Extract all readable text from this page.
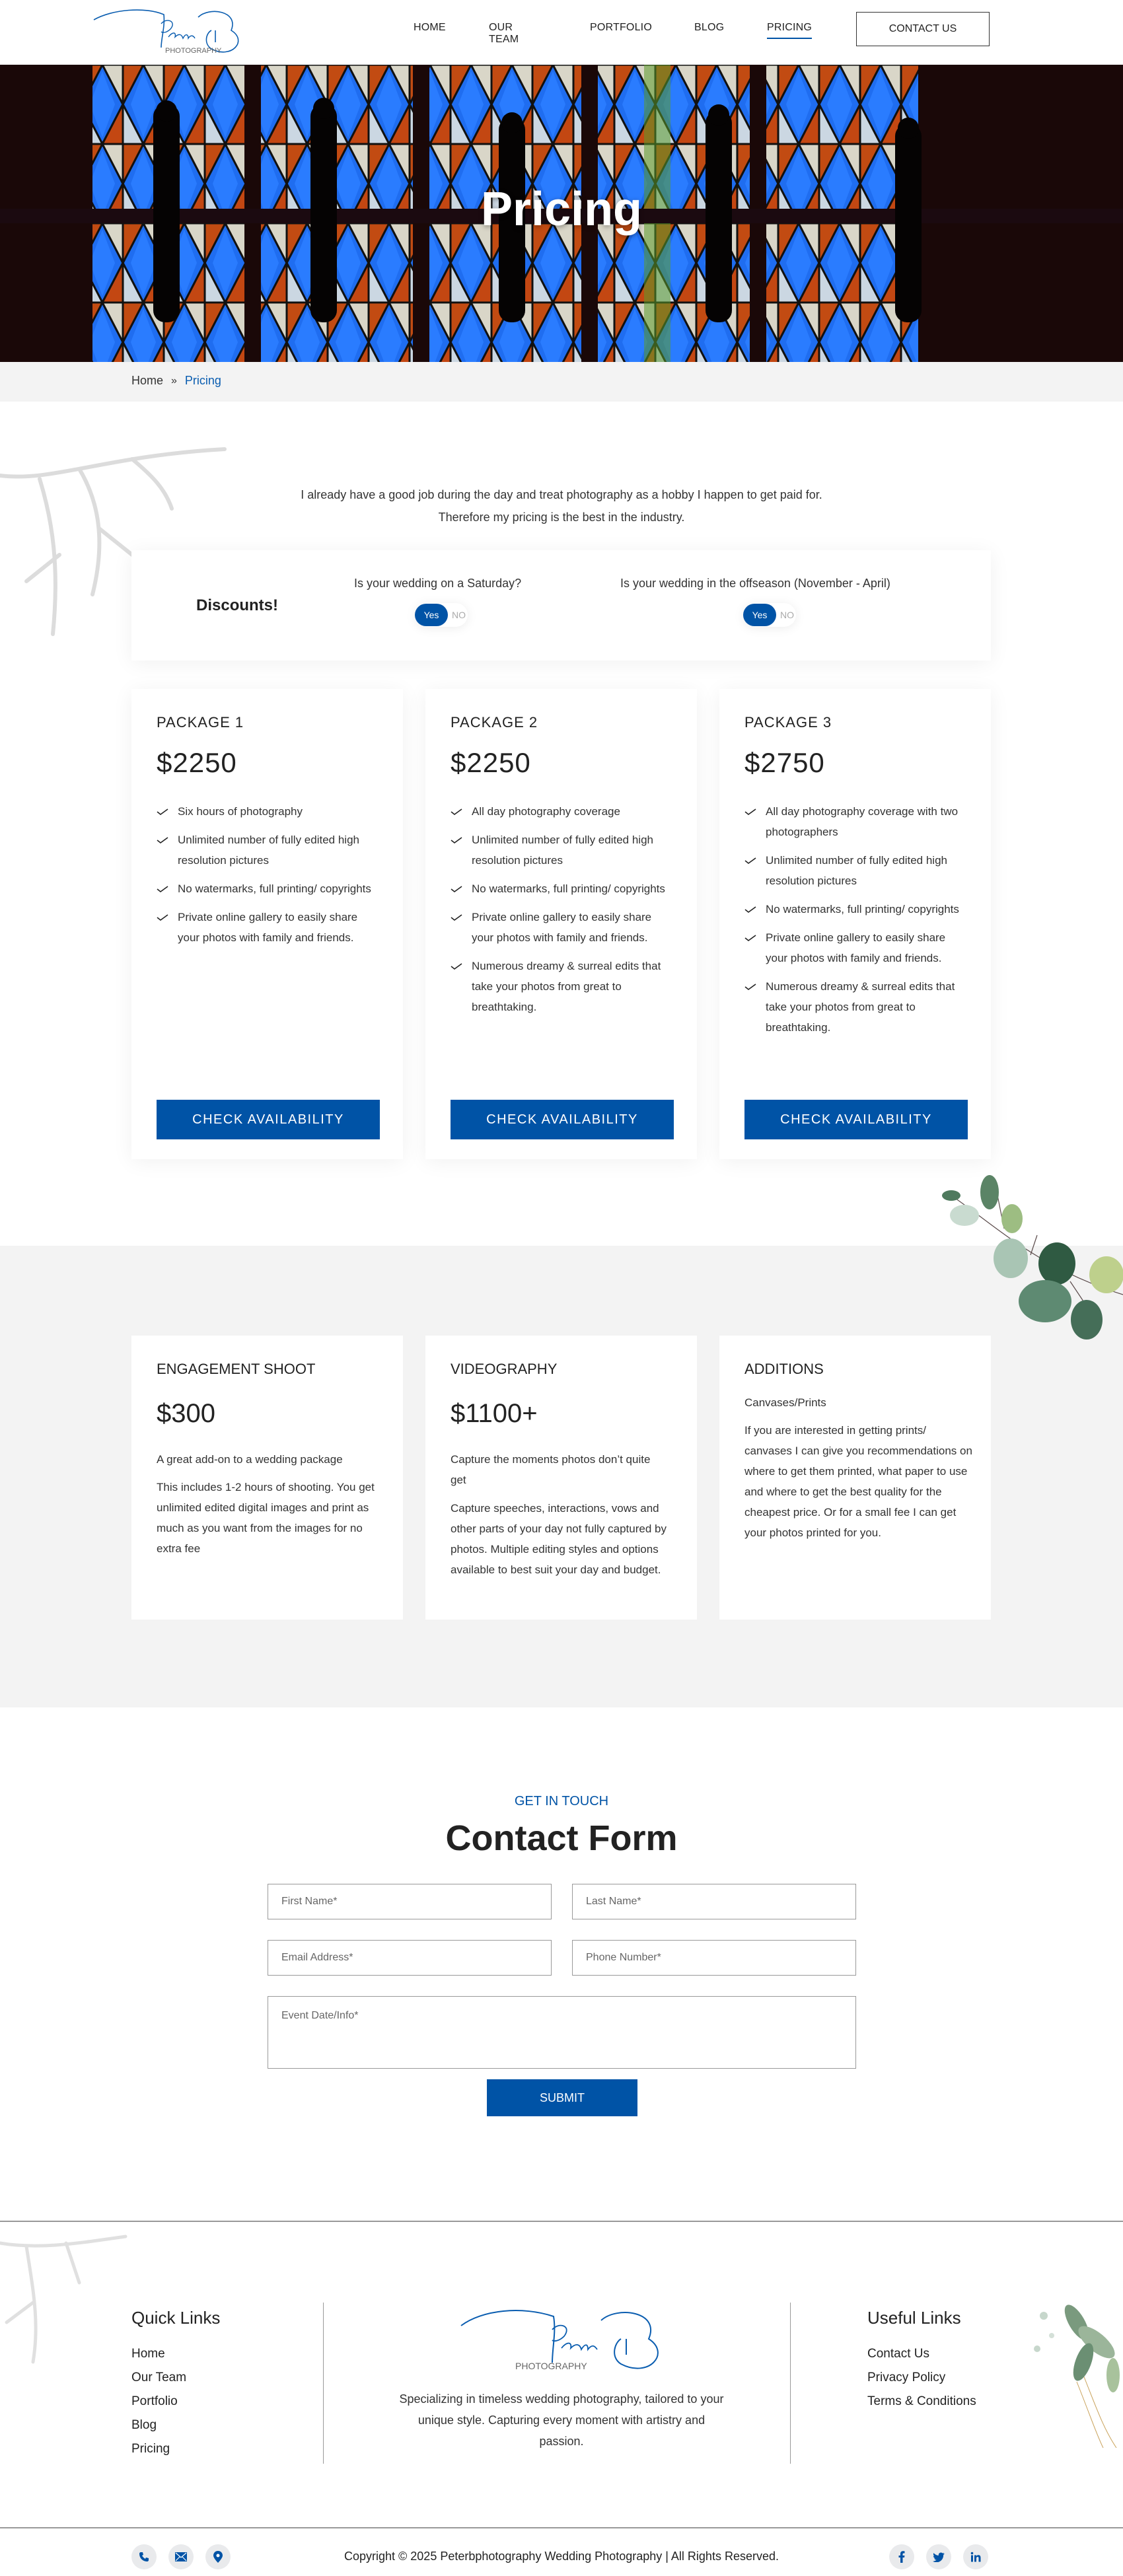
PHOTOGRAPHY
HOME	OUR TEAM
PORTFOLIO	BLOG	PRICING	CONTACT US
Pricing
Home » Pricing

I already have a good job during the day and treat photography as a hobby I happen to get paid for.

Therefore my pricing is the best in the industry.

Discounts!
Is your wedding on a Saturday?
Yes	NO
Is your wedding in the offseason (November - April)
Yes	NO
PACKAGE 1
$2250
Six hours of photography
Unlimited number of fully edited high resolution pictures
No watermarks, full printing/ copyrights
Private online gallery to easily share your photos with family and friends.
CHECK AVAILABILITY
PACKAGE 2
$2250
All day photography coverage
Unlimited number of fully edited high resolution pictures
No watermarks, full printing/ copyrights
Private online gallery to easily share your photos with family and friends.
Numerous dreamy & surreal edits that take your photos from great to breathtaking.
CHECK AVAILABILITY
PACKAGE 3
$2750
All day photography coverage with two photographers
Unlimited number of fully edited high resolution pictures
No watermarks, full printing/ copyrights
Private online gallery to easily share your photos with family and friends.
Numerous dreamy & surreal edits that take your photos from great to breathtaking.
CHECK AVAILABILITY
ENGAGEMENT SHOOT
$300
A great add-on to a wedding package
This includes 1-2 hours of shooting. You get unlimited edited digital images and print as much as you want from the images for no extra fee
VIDEOGRAPHY
$1100+
Capture the moments photos don’t quite get
Capture speeches, interactions, vows and other parts of your day not fully captured by photos. Multiple editing styles and options available to best suit your day and budget.
ADDITIONS
Canvases/Prints
If you are interested in getting prints/ canvases I can give you recommendations on where to get them printed, what paper to use and where to get the best quality for the cheapest price. Or for a small fee I can get your photos printed for you.
GET IN TOUCH
Contact Form
First Name*	Last Name*
Email Address*	Phone Number*
Event Date/Info*
SUBMIT
Quick Links
Home
Our Team
Portfolio
Blog
Pricing
PHOTOGRAPHY

Specializing in timeless wedding photography, tailored to your unique style. Capturing every moment with artistry and passion.

Useful Links
Contact Us
Privacy Policy
Terms & Conditions
Copyright © 2025 Peterbphotography Wedding Photography | All Rights Reserved.
